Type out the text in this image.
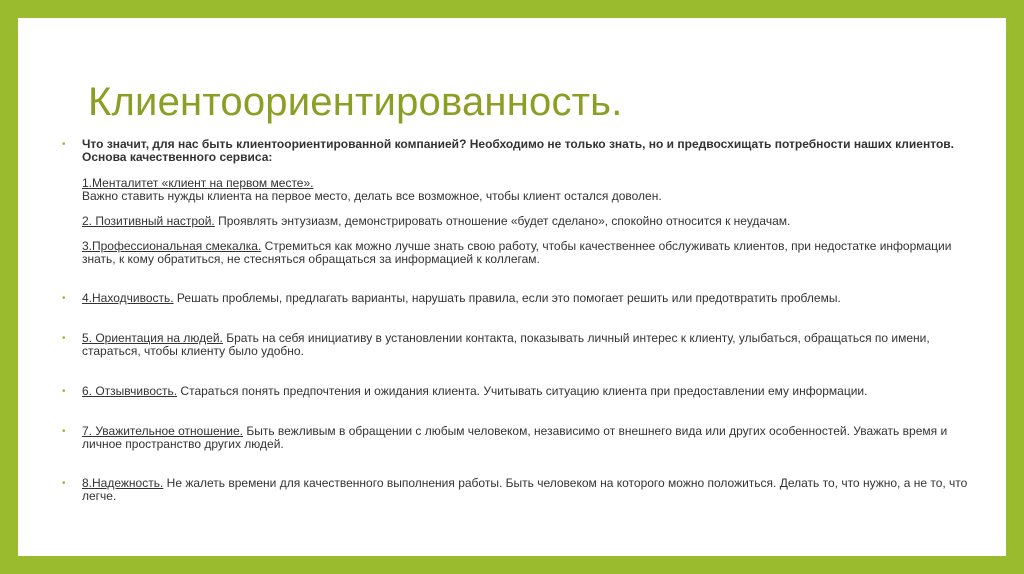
Клиентоориентированность.
•	Что значит, для нас быть клиентоориентированной компанией? Необходимо не только знать, но и предвосхищать потребности наших клиентов.
Основа качественного сервиса:
1.Менталитет «клиент на первом месте».
Важно ставить нужды клиента на первое место, делать все возможное, чтобы клиент остался доволен.
2. Позитивный настрой. Проявлять энтузиазм, демонстрировать отношение «будет сделано», спокойно относится к неудачам.
3.Профессиональная смекалка. Стремиться как можно лучше знать свою работу, чтобы качественнее обслуживать клиентов, при недостатке информации знать, к кому обратиться, не стесняться обращаться за информацией к коллегам.
•	4.Находчивость. Решать проблемы, предлагать варианты, нарушать правила, если это помогает решить или предотвратить проблемы.
•	5. Ориентация на людей. Брать на себя инициативу в установлении контакта, показывать личный интерес к клиенту, улыбаться, обращаться по имени, стараться, чтобы клиенту было удобно.
•	6. Отзывчивость. Стараться понять предпочтения и ожидания клиента. Учитывать ситуацию клиента при предоставлении ему информации.
•	7. Уважительное отношение. Быть вежливым в обращении с любым человеком, независимо от внешнего вида или других особенностей. Уважать время и личное пространство других людей.
•	8.Надежность. Не жалеть времени для качественного выполнения работы. Быть человеком на которого можно положиться. Делать то, что нужно, а не то, что легче.
